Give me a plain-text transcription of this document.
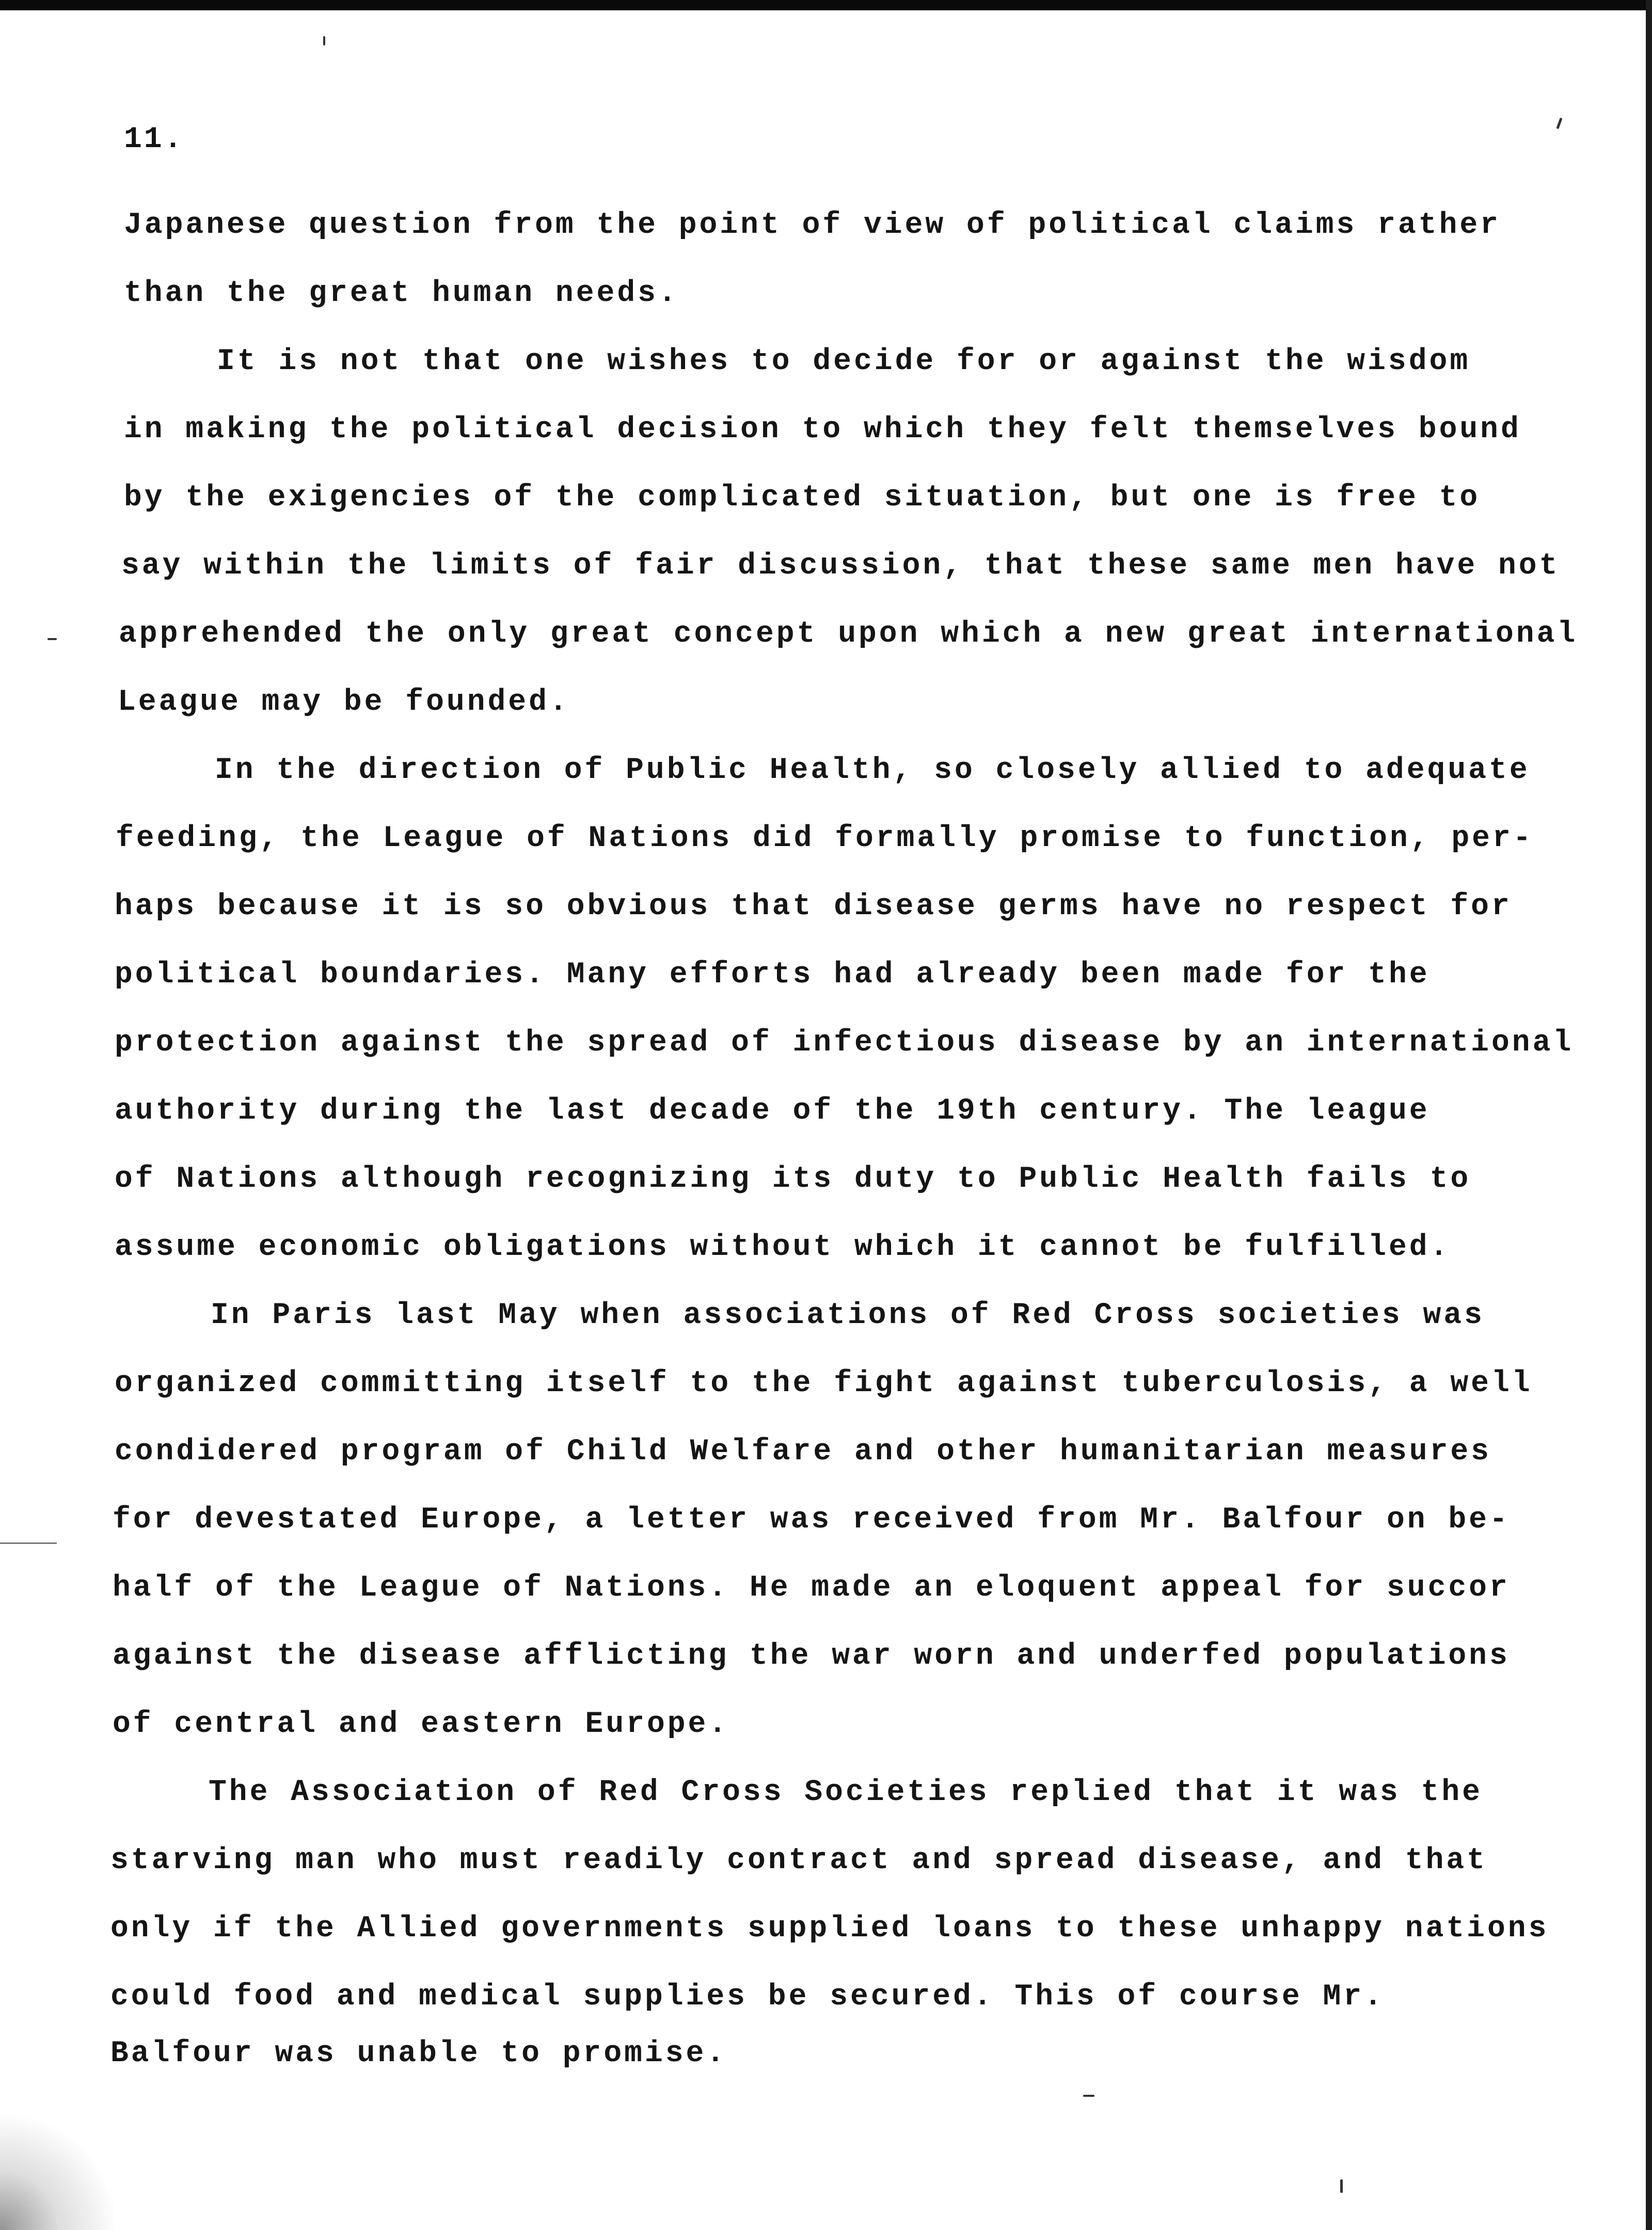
11.
Japanese question from the point of view of political claims rather
than the great human needs.
It is not that one wishes to decide for or against the wisdom
in making the political decision to which they felt themselves bound
by the exigencies of the complicated situation, but one is free to
say within the limits of fair discussion, that these same men have not
apprehended the only great concept upon which a new great international
League may be founded.
In the direction of Public Health, so closely allied to adequate
feeding, the League of Nations did formally promise to function, per-
haps because it is so obvious that disease germs have no respect for
political boundaries. Many efforts had already been made for the
protection against the spread of infectious disease by an international
authority during the last decade of the 19th century. The league
of Nations although recognizing its duty to Public Health fails to
assume economic obligations without which it cannot be fulfilled.
In Paris last May when associations of Red Cross societies was
organized committing itself to the fight against tuberculosis, a well
condidered program of Child Welfare and other humanitarian measures
for devestated Europe, a letter was received from Mr. Balfour on be-
half of the League of Nations. He made an eloquent appeal for succor
against the disease afflicting the war worn and underfed populations
of central and eastern Europe.
The Association of Red Cross Societies replied that it was the
starving man who must readily contract and spread disease, and that
only if the Allied governments supplied loans to these unhappy nations
could food and medical supplies be secured. This of course Mr.
Balfour was unable to promise.
